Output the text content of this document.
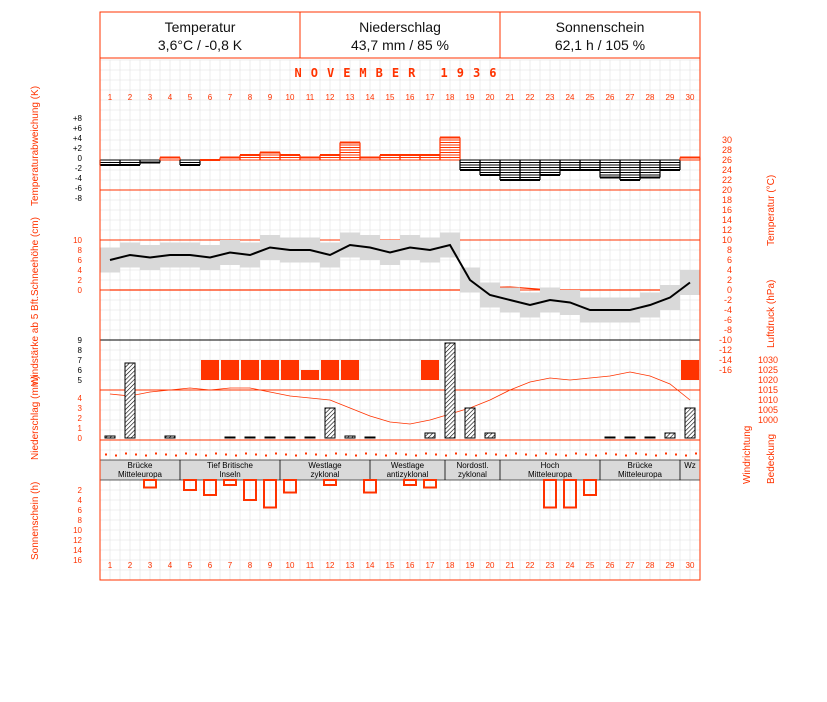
1
1
2
2
3
3
4
4
5
5
6
6
7
7
8
8
9
9
10
10
11
11
12
12
13
13
14
14
15
15
16
16
17
17
18
18
19
19
20
20
21
21
22
22
23
23
24
24
25
25
26
26
27
27
28
28
29
29
30
30
+8
+6
+4
+2
0
-2
-4
-6
-8
10
8
6
4
2
0
30
28
26
24
22
20
18
16
14
12
10
8
6
4
2
0
-2
-4
-6
-8
-10
-12
-14
-16
1030
1025
1020
1015
1010
1005
1000
9
8
7
6
5
4
3
2
1
0
Brücke Mitteleuropa
Tief Britische Inseln
Westlage zyklonal
Westlage antizyklonal
Nordostl. zyklonal
Hoch Mitteleuropa
Brücke Mitteleuropa
Wz
2
4
6
8
10
12
14
16
Temperatur
3,6°C / -0,8 K
Niederschlag
43,7 mm / 85 %
Sonnenschein
62,1 h / 105 %
NOVEMBER 1936
Temperaturabweichung (K)
Schneehöhe (cm)
Windstärke ab 5 Bft.
Niederschlag (mm)
Sonnenschein (h)
Temperatur (°C)
Luftdruck (hPa)
Windrichtung Bedeckung
